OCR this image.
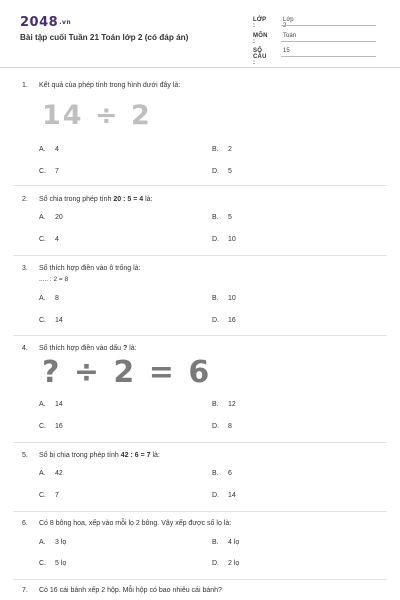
2048.vn
Bài tập cuối Tuần 21 Toán lớp 2 (có đáp án)
LỚP :
Lớp 2
MÔN :
Toán
SỐ CÂU :
15
1. Kết quả của phép tính trong hình dưới đây là:
14 ÷ 2
A. 4	B. 2
C. 7	D. 5
2. Số chia trong phép tính 20 : 5 = 4 là:
A. 20	B. 5
C. 4	D. 10
3. Số thích hợp điền vào ô trống là:
..... : 2 = 8
A. 8	B. 10
C. 14	D. 16
4. Số thích hợp điền vào dấu ? là:
? ÷ 2 = 6
A. 14	B. 12
C. 16	D. 8
5. Số bị chia trong phép tính 42 : 6 = 7 là:
A. 42	B. 6
C. 7	D. 14
6. Có 8 bông hoa, xếp vào mỗi lọ 2 bông. Vậy xếp được số lọ là:
A. 3 lọ	B. 4 lọ
C. 5 lọ	D. 2 lọ
7. Có 16 cái bánh xếp 2 hộp. Mỗi hộp có bao nhiêu cái bánh?
